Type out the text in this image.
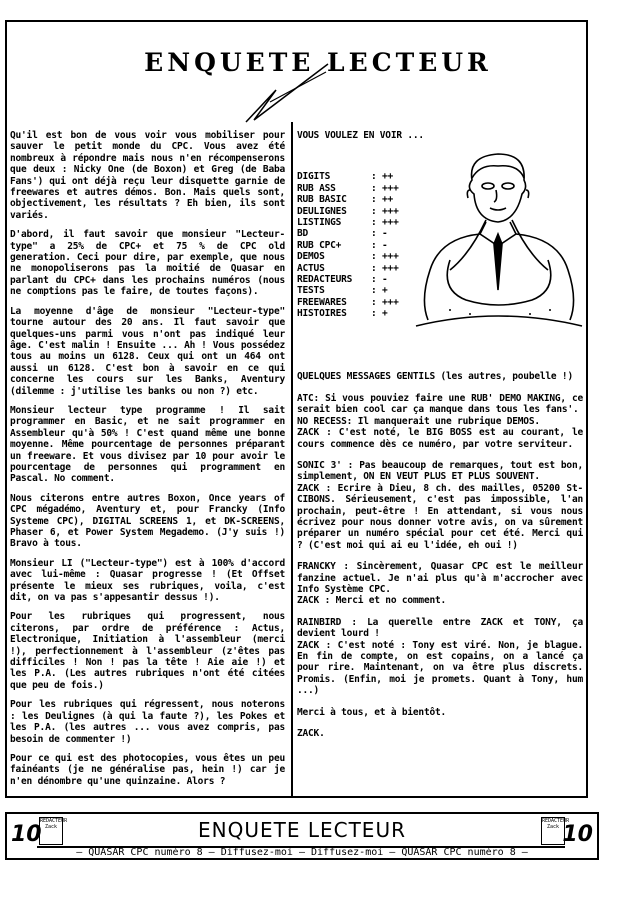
ENQUETE LECTEUR

Qu'il est bon de vous voir vous mobiliser pour sauver le petit monde du CPC. Vous avez été nombreux à répondre mais nous n'en récompenserons que deux : Nicky One (de Boxon) et Greg (de Baba Fans') qui ont déjà reçu leur disquette garnie de freewares et autres démos. Bon. Mais quels sont, objectivement, les résultats ? Eh bien, ils sont variés.

D'abord, il faut savoir que monsieur "Lecteur-type" a 25% de CPC+ et 75 % de CPC old generation. Ceci pour dire, par exemple, que nous ne monopoliserons pas la moitié de Quasar en parlant du CPC+ dans les prochains numéros (nous ne comptions pas le faire, de toutes façons).

La moyenne d'âge de monsieur "Lecteur-type" tourne autour des 20 ans. Il faut savoir que quelques-uns parmi vous n'ont pas indiqué leur âge. C'est malin ! Ensuite ... Ah ! Vous possédez tous au moins un 6128. Ceux qui ont un 464 ont aussi un 6128. C'est bon à savoir en ce qui concerne les cours sur les Banks, Aventury (dilemme : j'utilise les banks ou non ?) etc.

Monsieur lecteur type programme ! Il sait programmer en Basic, et ne sait programmer en Assembleur qu'à 50% ! C'est quand même une bonne moyenne. Même pourcentage de personnes préparant un freeware. Et vous divisez par 10 pour avoir le pourcentage de personnes qui programment en Pascal. No comment.

Nous citerons entre autres Boxon, Once years of CPC mégadémo, Aventury et, pour Francky (Info Systeme CPC), DIGITAL SCREENS 1, et DK-SCREENS, Phaser 6, et Power System Megademo. (J'y suis !) Bravo à tous.

Monsieur LI ("Lecteur-type") est à 100% d'accord avec lui-même : Quasar progresse ! (Et Offset présente le mieux ses rubriques, voila, c'est dit, on va pas s'appesantir dessus !).

Pour les rubriques qui progressent, nous citerons, par ordre de préférence : Actus, Electronique, Initiation à l'assembleur (merci !), perfectionnement à l'assembleur (z'êtes pas difficiles ! Non ! pas la tête ! Aie aie !) et les P.A. (Les autres rubriques n'ont été citées que peu de fois.)

Pour les rubriques qui régressent, nous noterons : les Deulignes (à qui la faute ?), les Pokes et les P.A. (les autres ... vous avez compris, pas besoin de commenter !)

Pour ce qui est des photocopies, vous êtes un peu fainéants (je ne généralise pas, hein !) car je n'en dénombre qu'une quinzaine. Alors ?

VOUS VOULEZ EN VOIR ...
DIGITS	: ++
RUB ASS	: +++
RUB BASIC	: ++
DEULIGNES	: +++
LISTINGS	: +++
BD	: -
RUB CPC+	: -
DEMOS	: +++
ACTUS	: +++
REDACTEURS	: -
TESTS	: +
FREEWARES	: +++
HISTOIRES	: +

QUELQUES MESSAGES GENTILS (les autres, poubelle !)

ATC: Si vous pouviez faire une RUB' DEMO MAKING, ce serait bien cool car ça manque dans tous les fans'.
NO RECESS: Il manquerait une rubrique DEMOS.
ZACK : C'est noté, le BIG BOSS est au courant, le cours commence dès ce numéro, par votre serviteur.

SONIC 3' : Pas beaucoup de remarques, tout est bon, simplement, ON EN VEUT PLUS ET PLUS SOUVENT.
ZACK : Ecrire à Dieu, 8 ch. des mailles, 05200 St-CIBONS. Sérieusement, c'est pas impossible, l'an prochain, peut-être ! En attendant, si vous nous écrivez pour nous donner votre avis, on va sûrement préparer un numéro spécial pour cet été. Merci qui ? (C'est moi qui ai eu l'idée, eh oui !)

FRANCKY : Sincèrement, Quasar CPC est le meilleur fanzine actuel. Je n'ai plus qu'à m'accrocher avec Info Système CPC.
ZACK : Merci et no comment.

RAINBIRD : La querelle entre ZACK et TONY, ça devient lourd !
ZACK : C'est noté : Tony est viré. Non, je blague. En fin de compte, on est copains, on a lancé ça pour rire. Maintenant, on va être plus discrets. Promis. (Enfin, moi je promets. Quant à Tony, hum ...)

Merci à tous, et à bientôt.

ZACK.

10
REDACTEUR
Zack	ENQUETE LECTEUR	REDACTEUR
Zack 10
— QUASAR CPC numéro 8 — Diffusez-moi — Diffusez-moi — QUASAR CPC numéro 8 —
